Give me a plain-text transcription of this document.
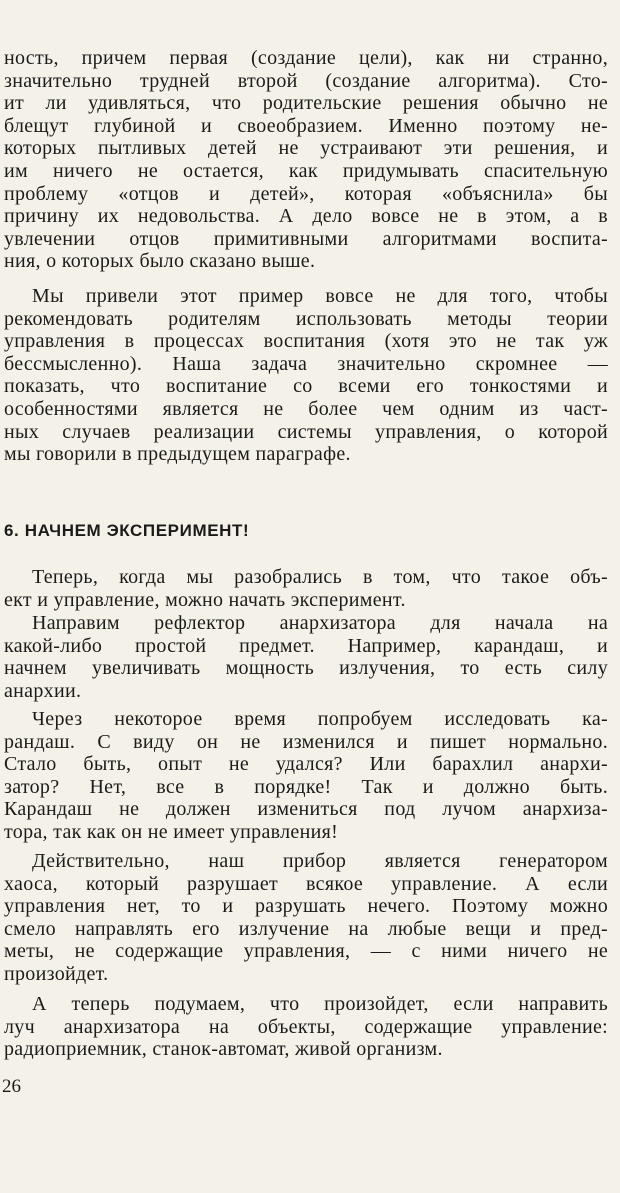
ность, причем первая (создание цели), как ни странно,
значительно трудней второй (создание алгоритма). Сто-
ит ли удивляться, что родительские решения обычно не
блещут глубиной и своеобразием. Именно поэтому не-
которых пытливых детей не устраивают эти решения, и
им ничего не остается, как придумывать спасительную
проблему «отцов и детей», которая «объяснила» бы
причину их недовольства. А дело вовсе не в этом, а в
увлечении отцов примитивными алгоритмами воспита-
ния, о которых было сказано выше.
Мы привели этот пример вовсе не для того, чтобы
рекомендовать родителям использовать методы теории
управления в процессах воспитания (хотя это не так уж
бессмысленно). Наша задача значительно скромнее —
показать, что воспитание со всеми его тонкостями и
особенностями является не более чем одним из част-
ных случаев реализации системы управления, о которой
мы говорили в предыдущем параграфе.
6. НАЧНЕМ ЭКСПЕРИМЕНТ!
Теперь, когда мы разобрались в том, что такое объ-
ект и управление, можно начать эксперимент.
Направим рефлектор анархизатора для начала на
какой-либо простой предмет. Например, карандаш, и
начнем увеличивать мощность излучения, то есть силу
анархии.
Через некоторое время попробуем исследовать ка-
рандаш. С виду он не изменился и пишет нормально.
Стало быть, опыт не удался? Или барахлил анархи-
затор? Нет, все в порядке! Так и должно быть.
Карандаш не должен измениться под лучом анархиза-
тора, так как он не имеет управления!
Действительно, наш прибор является генератором
хаоса, который разрушает всякое управление. А если
управления нет, то и разрушать нечего. Поэтому можно
смело направлять его излучение на любые вещи и пред-
меты, не содержащие управления, — с ними ничего не
произойдет.
А теперь подумаем, что произойдет, если направить
луч анархизатора на объекты, содержащие управление:
радиоприемник, станок-автомат, живой организм.
26
